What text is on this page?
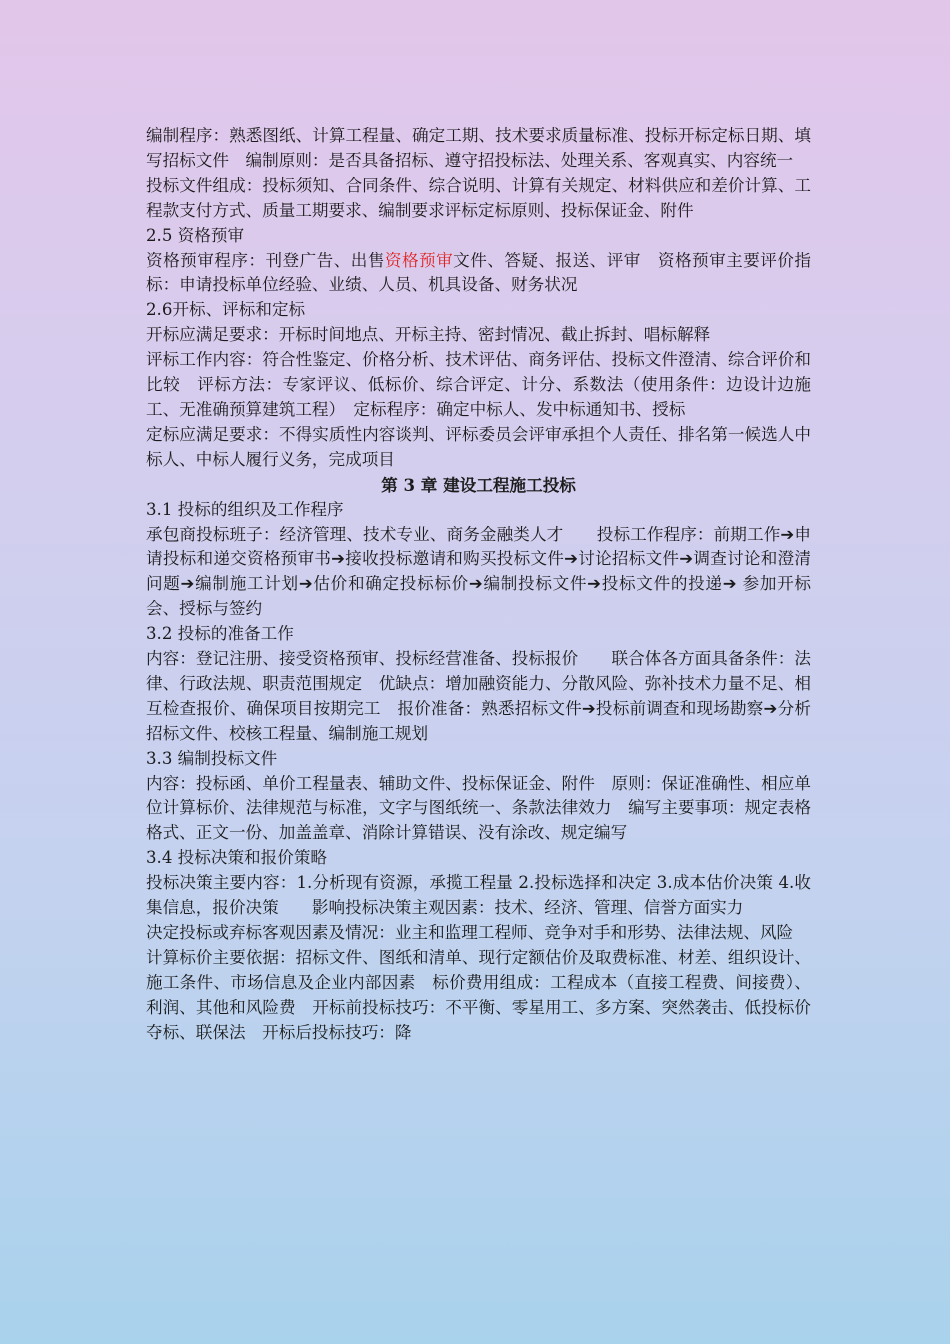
编制程序：熟悉图纸、计算工程量、确定工期、技术要求质量标准、投标开标定标日期、填写招标文件　编制原则：是否具备招标、遵守招投标法、处理关系、客观真实、内容统一

投标文件组成：投标须知、合同条件、综合说明、计算有关规定、材料供应和差价计算、工程款支付方式、质量工期要求、编制要求评标定标原则、投标保证金、附件

2.5 资格预审

资格预审程序：刊登广告、出售资格预审文件、答疑、报送、评审　资格预审主要评价指标：申请投标单位经验、业绩、人员、机具设备、财务状况

2.6开标、评标和定标

开标应满足要求：开标时间地点、开标主持、密封情况、截止拆封、唱标解释

评标工作内容：符合性鉴定、价格分析、技术评估、商务评估、投标文件澄清、综合评价和比较　评标方法：专家评议、低标价、综合评定、计分、系数法（使用条件：边设计边施工、无准确预算建筑工程）　定标程序：确定中标人、发中标通知书、授标

定标应满足要求：不得实质性内容谈判、评标委员会评审承担个人责任、排名第一候选人中标人、中标人履行义务，完成项目

第 3 章 建设工程施工投标

3.1 投标的组织及工作程序

承包商投标班子：经济管理、技术专业、商务金融类人才　　投标工作程序：前期工作➔申请投标和递交资格预审书➔接收投标邀请和购买投标文件➔讨论招标文件➔调查讨论和澄清问题➔编制施工计划➔估价和确定投标标价➔编制投标文件➔投标文件的投递➔ 参加开标会、授标与签约

3.2 投标的准备工作

内容：登记注册、接受资格预审、投标经营准备、投标报价　　联合体各方面具备条件：法律、行政法规、职责范围规定　优缺点：增加融资能力、分散风险、弥补技术力量不足、相互检查报价、确保项目按期完工　报价准备：熟悉招标文件➔投标前调查和现场勘察➔分析招标文件、校核工程量、编制施工规划

3.3 编制投标文件

内容：投标函、单价工程量表、辅助文件、投标保证金、附件　原则：保证准确性、相应单位计算标价、法律规范与标准，文字与图纸统一、条款法律效力　编写主要事项：规定表格格式、正文一份、加盖盖章、消除计算错误、没有涂改、规定编写

3.4 投标决策和报价策略

投标决策主要内容：1.分析现有资源，承揽工程量 2.投标选择和决定 3.成本估价决策 4.收集信息，报价决策　　影响投标决策主观因素：技术、经济、管理、信誉方面实力

决定投标或弃标客观因素及情况：业主和监理工程师、竞争对手和形势、法律法规、风险

计算标价主要依据：招标文件、图纸和清单、现行定额估价及取费标准、材差、组织设计、施工条件、市场信息及企业内部因素　标价费用组成：工程成本（直接工程费、间接费）、利润、其他和风险费　开标前投标技巧：不平衡、零星用工、多方案、突然袭击、低投标价夺标、联保法　开标后投标技巧：降
